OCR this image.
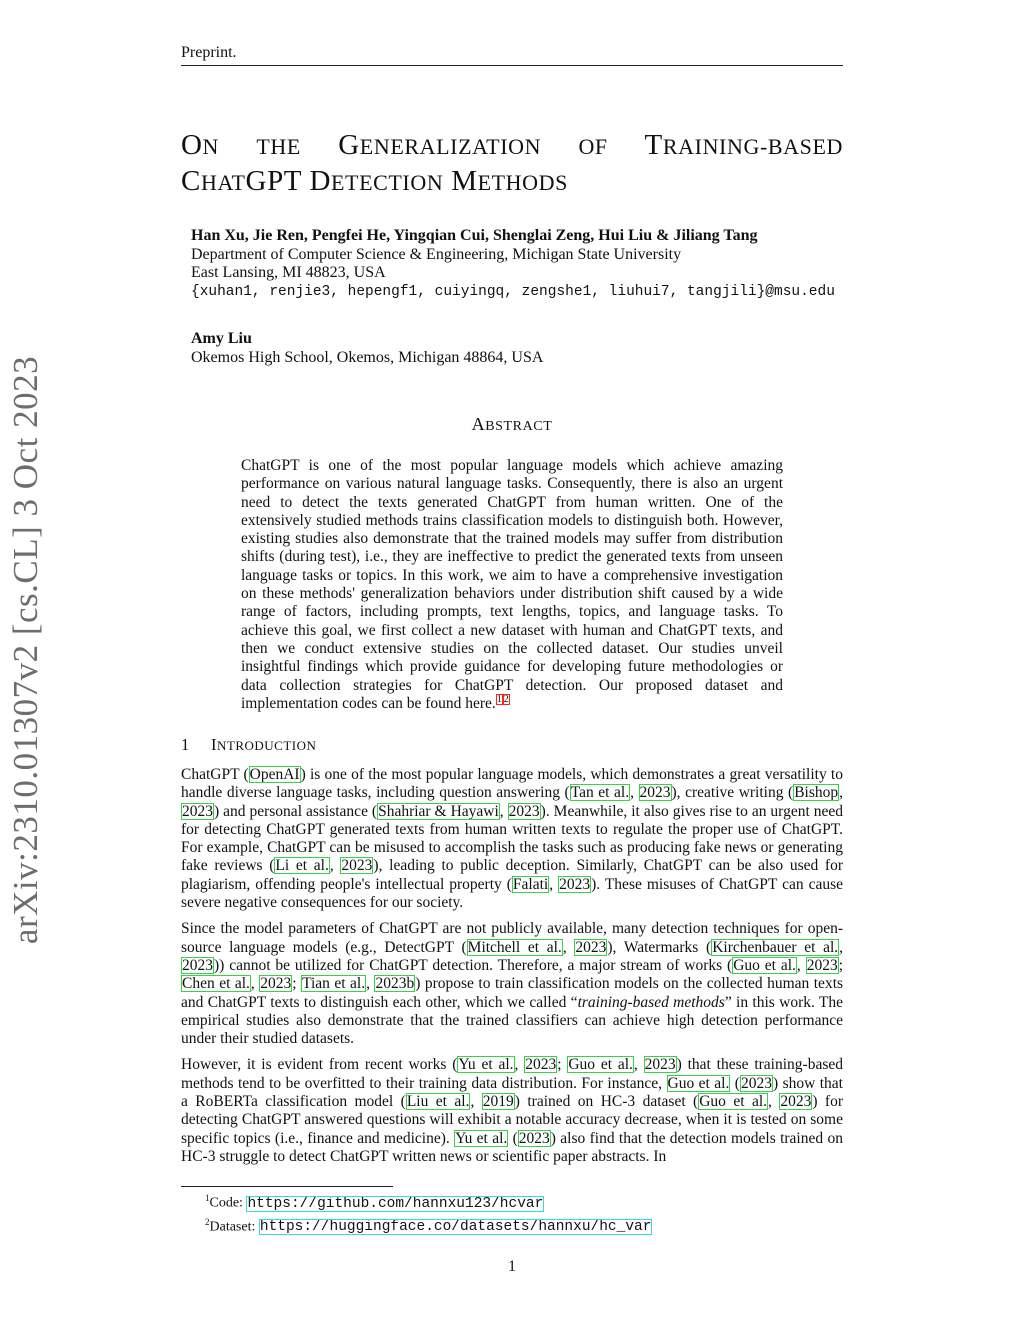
arXiv:2310.01307v2 [cs.CL] 3 Oct 2023
Preprint.
ON THE GENERALIZATION OF TRAINING-BASED
CHATGPT DETECTION METHODS
Han Xu, Jie Ren, Pengfei He, Yingqian Cui, Shenglai Zeng, Hui Liu & Jiliang Tang
Department of Computer Science & Engineering, Michigan State University
East Lansing, MI 48823, USA
{xuhan1, renjie3, hepengf1, cuiyingq, zengshe1, liuhui7, tangjili}@msu.edu
Amy Liu
Okemos High School, Okemos, Michigan 48864, USA
ABSTRACT
ChatGPT is one of the most popular language models which achieve amazing performance on various natural language tasks. Consequently, there is also an urgent need to detect the texts generated ChatGPT from human written. One of the extensively studied methods trains classification models to distinguish both. However, existing studies also demonstrate that the trained models may suffer from distribution shifts (during test), i.e., they are ineffective to predict the generated texts from unseen language tasks or topics. In this work, we aim to have a comprehensive investigation on these methods' generalization behaviors under distribution shift caused by a wide range of factors, including prompts, text lengths, topics, and language tasks. To achieve this goal, we first collect a new dataset with human and ChatGPT texts, and then we conduct extensive studies on the collected dataset. Our studies unveil insightful findings which provide guidance for developing future methodologies or data collection strategies for ChatGPT detection. Our proposed dataset and implementation codes can be found here.$^1$ $^2$
1 INTRODUCTION

ChatGPT (OpenAI) is one of the most popular language models, which demonstrates a great versatility to handle diverse language tasks, including question answering (Tan et al., 2023), creative writing (Bishop, 2023) and personal assistance (Shahriar & Hayawi, 2023). Meanwhile, it also gives rise to an urgent need for detecting ChatGPT generated texts from human written texts to regulate the proper use of ChatGPT. For example, ChatGPT can be misused to accomplish the tasks such as producing fake news or generating fake reviews (Li et al., 2023), leading to public deception. Similarly, ChatGPT can be also used for plagiarism, offending people's intellectual property (Falati, 2023). These misuses of ChatGPT can cause severe negative consequences for our society.

Since the model parameters of ChatGPT are not publicly available, many detection techniques for open-source language models (e.g., DetectGPT (Mitchell et al., 2023), Watermarks (Kirchenbauer et al., 2023)) cannot be utilized for ChatGPT detection. Therefore, a major stream of works (Guo et al., 2023; Chen et al., 2023; Tian et al., 2023b) propose to train classification models on the collected human texts and ChatGPT texts to distinguish each other, which we called “training-based methods” in this work. The empirical studies also demonstrate that the trained classifiers can achieve high detection performance under their studied datasets.

However, it is evident from recent works (Yu et al., 2023; Guo et al., 2023) that these training-based methods tend to be overfitted to their training data distribution. For instance, Guo et al. (2023) show that a RoBERTa classification model (Liu et al., 2019) trained on HC-3 dataset (Guo et al., 2023) for detecting ChatGPT answered questions will exhibit a notable accuracy decrease, when it is tested on some specific topics (i.e., finance and medicine). Yu et al. (2023) also find that the detection models trained on HC-3 struggle to detect ChatGPT written news or scientific paper abstracts. In

$^1$Code: https://github.com/hannxu123/hcvar
$^2$Dataset: https://huggingface.co/datasets/hannxu/hc_var
1
